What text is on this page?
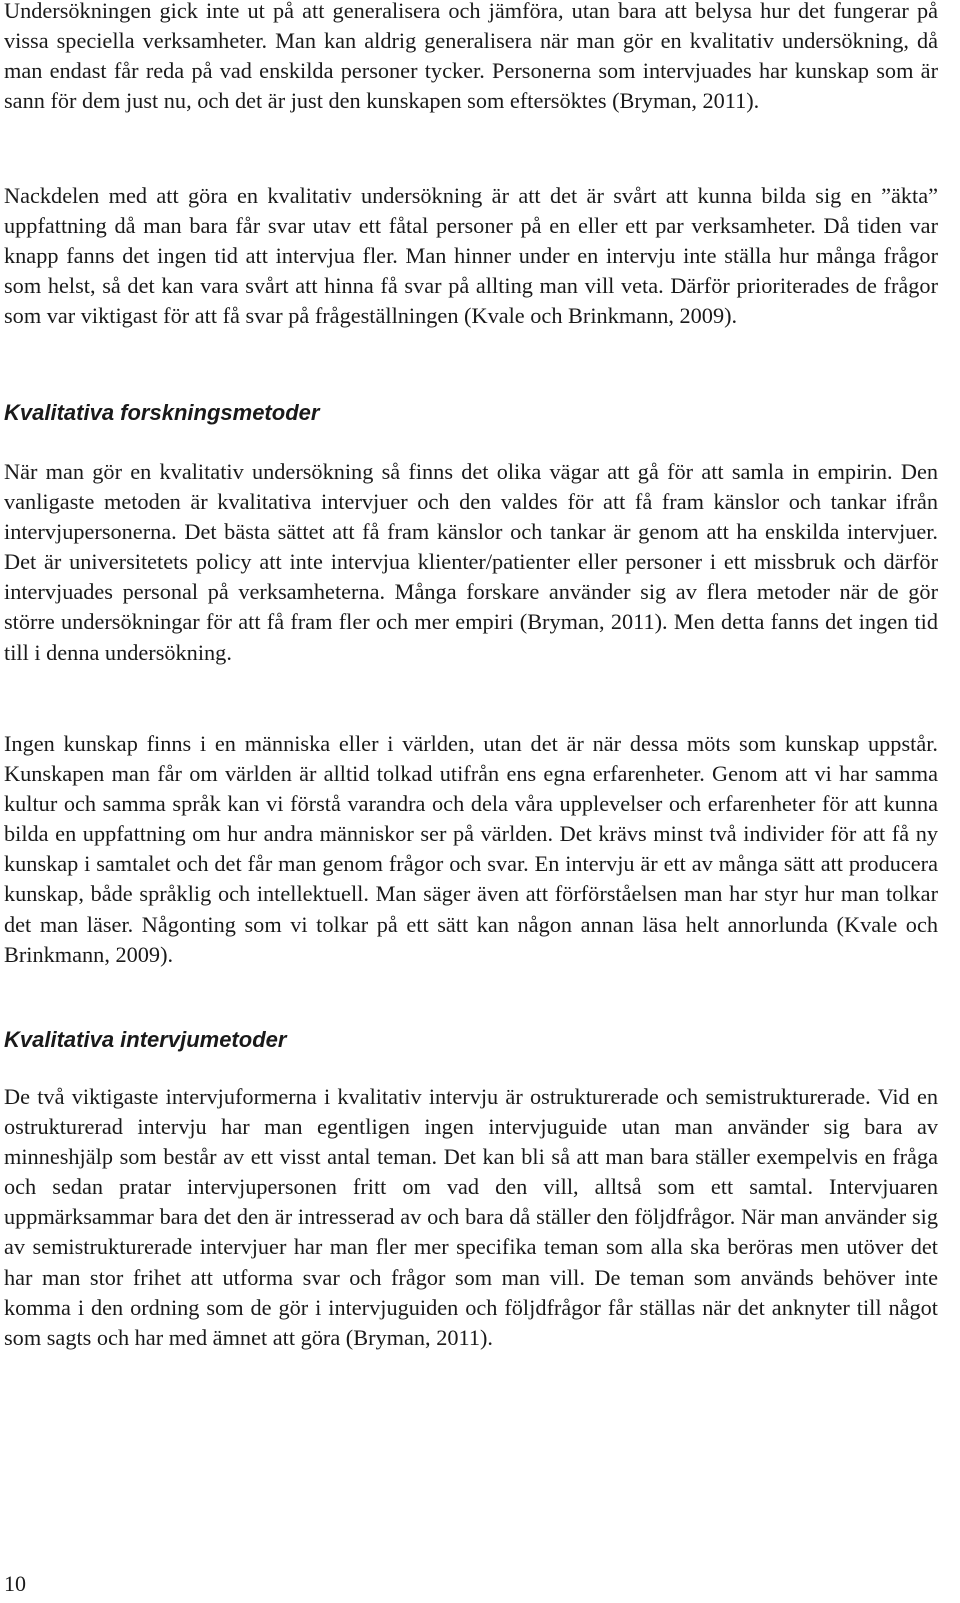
Undersökningen gick inte ut på att generalisera och jämföra, utan bara att belysa hur det fungerar på vissa speciella verksamheter. Man kan aldrig generalisera när man gör en kvalitativ undersökning, då man endast får reda på vad enskilda personer tycker. Personerna som intervjuades har kunskap som är sann för dem just nu, och det är just den kunskapen som eftersöktes (Bryman, 2011).

Nackdelen med att göra en kvalitativ undersökning är att det är svårt att kunna bilda sig en ”äkta” uppfattning då man bara får svar utav ett fåtal personer på en eller ett par verksamheter. Då tiden var knapp fanns det ingen tid att intervjua fler. Man hinner under en intervju inte ställa hur många frågor som helst, så det kan vara svårt att hinna få svar på allting man vill veta. Därför prioriterades de frågor som var viktigast för att få svar på frågeställningen (Kvale och Brinkmann, 2009).

Kvalitativa forskningsmetoder

När man gör en kvalitativ undersökning så finns det olika vägar att gå för att samla in empirin. Den vanligaste metoden är kvalitativa intervjuer och den valdes för att få fram känslor och tankar ifrån intervjupersonerna. Det bästa sättet att få fram känslor och tankar är genom att ha enskilda intervjuer. Det är universitetets policy att inte intervjua klienter/patienter eller personer i ett missbruk och därför intervjuades personal på verksamheterna. Många forskare använder sig av flera metoder när de gör större undersökningar för att få fram fler och mer empiri (Bryman, 2011). Men detta fanns det ingen tid till i denna undersökning.

Ingen kunskap finns i en människa eller i världen, utan det är när dessa möts som kunskap uppstår. Kunskapen man får om världen är alltid tolkad utifrån ens egna erfarenheter. Genom att vi har samma kultur och samma språk kan vi förstå varandra och dela våra upplevelser och erfarenheter för att kunna bilda en uppfattning om hur andra människor ser på världen. Det krävs minst två individer för att få ny kunskap i samtalet och det får man genom frågor och svar. En intervju är ett av många sätt att producera kunskap, både språklig och intellektuell. Man säger även att förförståelsen man har styr hur man tolkar det man läser. Någonting som vi tolkar på ett sätt kan någon annan läsa helt annorlunda (Kvale och Brinkmann, 2009).

Kvalitativa intervjumetoder

De två viktigaste intervjuformerna i kvalitativ intervju är ostrukturerade och semistrukturerade. Vid en ostrukturerad intervju har man egentligen ingen intervjuguide utan man använder sig bara av minneshjälp som består av ett visst antal teman. Det kan bli så att man bara ställer exempelvis en fråga och sedan pratar intervjupersonen fritt om vad den vill, alltså som ett samtal. Intervjuaren uppmärksammar bara det den är intresserad av och bara då ställer den följdfrågor. När man använder sig av semistrukturerade intervjuer har man fler mer specifika teman som alla ska beröras men utöver det har man stor frihet att utforma svar och frågor som man vill. De teman som används behöver inte komma i den ordning som de gör i intervjuguiden och följdfrågor får ställas när det anknyter till något som sagts och har med ämnet att göra (Bryman, 2011).

10
